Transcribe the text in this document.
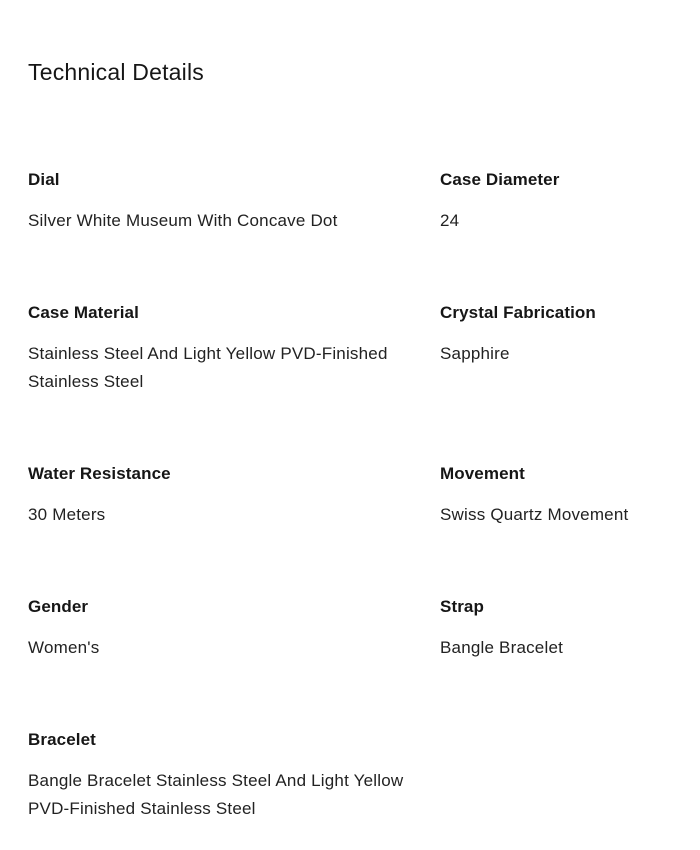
Technical Details
Dial

Silver White Museum With Concave Dot

Case Diameter

24

Case Material

Stainless Steel And Light Yellow PVD-Finished Stainless Steel

Crystal Fabrication

Sapphire

Water Resistance

30 Meters

Movement

Swiss Quartz Movement

Gender

Women's

Strap

Bangle Bracelet

Bracelet

Bangle Bracelet Stainless Steel And Light Yellow PVD-Finished Stainless Steel
